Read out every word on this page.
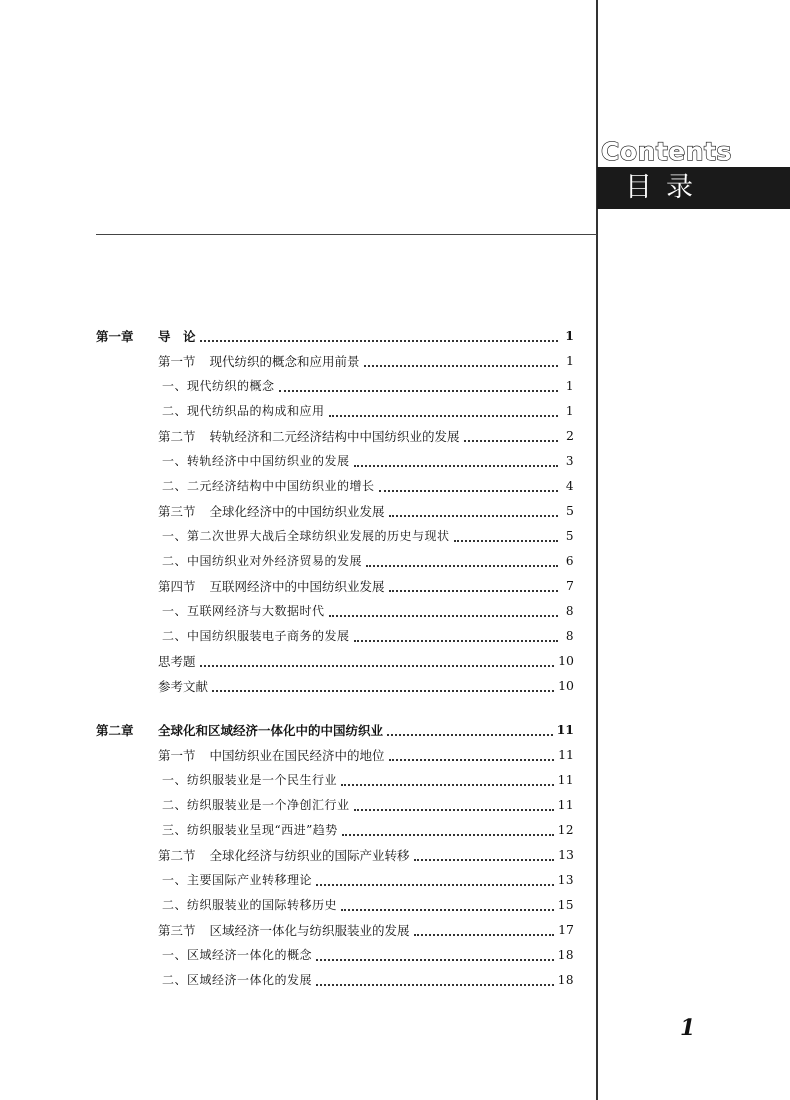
Contents
目录
第一章	导　论	1
第一节 现代纺织的概念和应用前景	1
一、现代纺织的概念	1
二、现代纺织品的构成和应用	1
第二节 转轨经济和二元经济结构中中国纺织业的发展	2
一、转轨经济中中国纺织业的发展	3
二、二元经济结构中中国纺织业的增长	4
第三节 全球化经济中的中国纺织业发展	5
一、第二次世界大战后全球纺织业发展的历史与现状	5
二、中国纺织业对外经济贸易的发展	6
第四节 互联网经济中的中国纺织业发展	7
一、互联网经济与大数据时代	8
二、中国纺织服装电子商务的发展	8
思考题	10
参考文献	10
第二章	全球化和区域经济一体化中的中国纺织业	11
第一节 中国纺织业在国民经济中的地位	11
一、纺织服装业是一个民生行业	11
二、纺织服装业是一个净创汇行业	11
三、纺织服装业呈现“西进”趋势	12
第二节 全球化经济与纺织业的国际产业转移	13
一、主要国际产业转移理论	13
二、纺织服装业的国际转移历史	15
第三节 区域经济一体化与纺织服装业的发展	17
一、区域经济一体化的概念	18
二、区域经济一体化的发展	18
1
